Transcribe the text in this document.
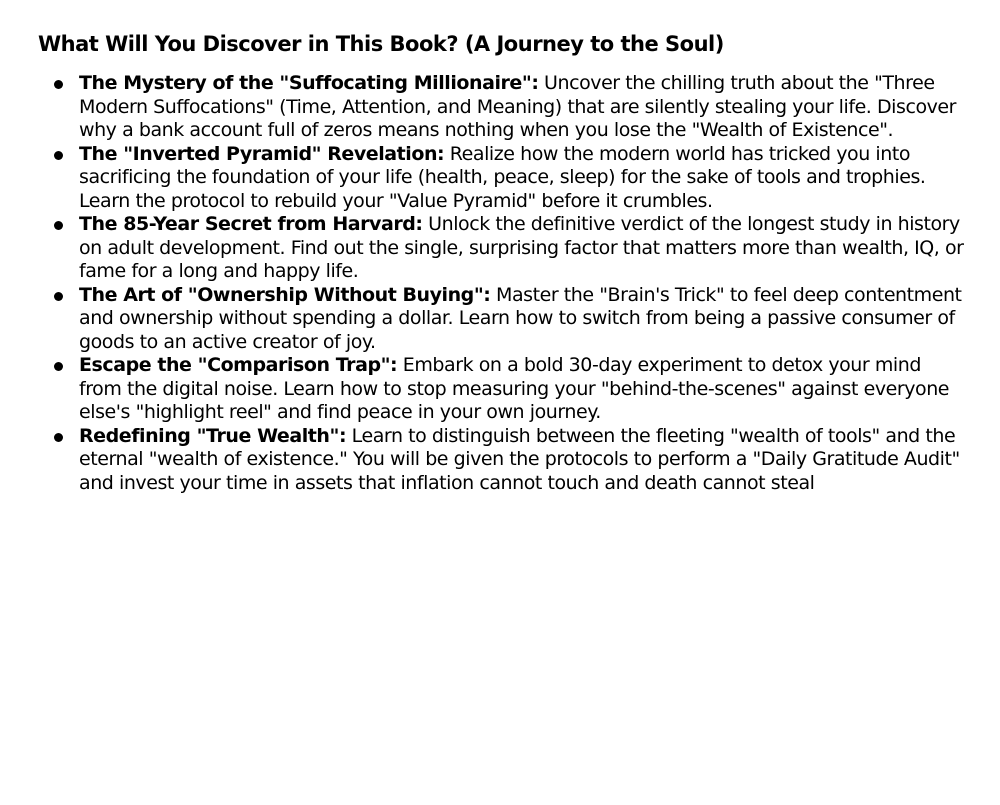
What Will You Discover in This Book? (A Journey to the Soul)
The Mystery of the "Suffocating Millionaire": Uncover the chilling truth about the "Three Modern Suffocations" (Time, Attention, and Meaning) that are silently stealing your life. Discover why a bank account full of zeros means nothing when you lose the "Wealth of Existence".
The "Inverted Pyramid" Revelation: Realize how the modern world has tricked you into sacrificing the foundation of your life (health, peace, sleep) for the sake of tools and trophies. Learn the protocol to rebuild your "Value Pyramid" before it crumbles.
The 85-Year Secret from Harvard: Unlock the definitive verdict of the longest study in history on adult development. Find out the single, surprising factor that matters more than wealth, IQ, or fame for a long and happy life.
The Art of "Ownership Without Buying": Master the "Brain's Trick" to feel deep contentment and ownership without spending a dollar. Learn how to switch from being a passive consumer of goods to an active creator of joy.
Escape the "Comparison Trap": Embark on a bold 30-day experiment to detox your mind from the digital noise. Learn how to stop measuring your "behind-the-scenes" against everyone else's "highlight reel" and find peace in your own journey.
Redefining "True Wealth": Learn to distinguish between the fleeting "wealth of tools" and the eternal "wealth of existence." You will be given the protocols to perform a "Daily Gratitude Audit" and invest your time in assets that inflation cannot touch and death cannot steal
